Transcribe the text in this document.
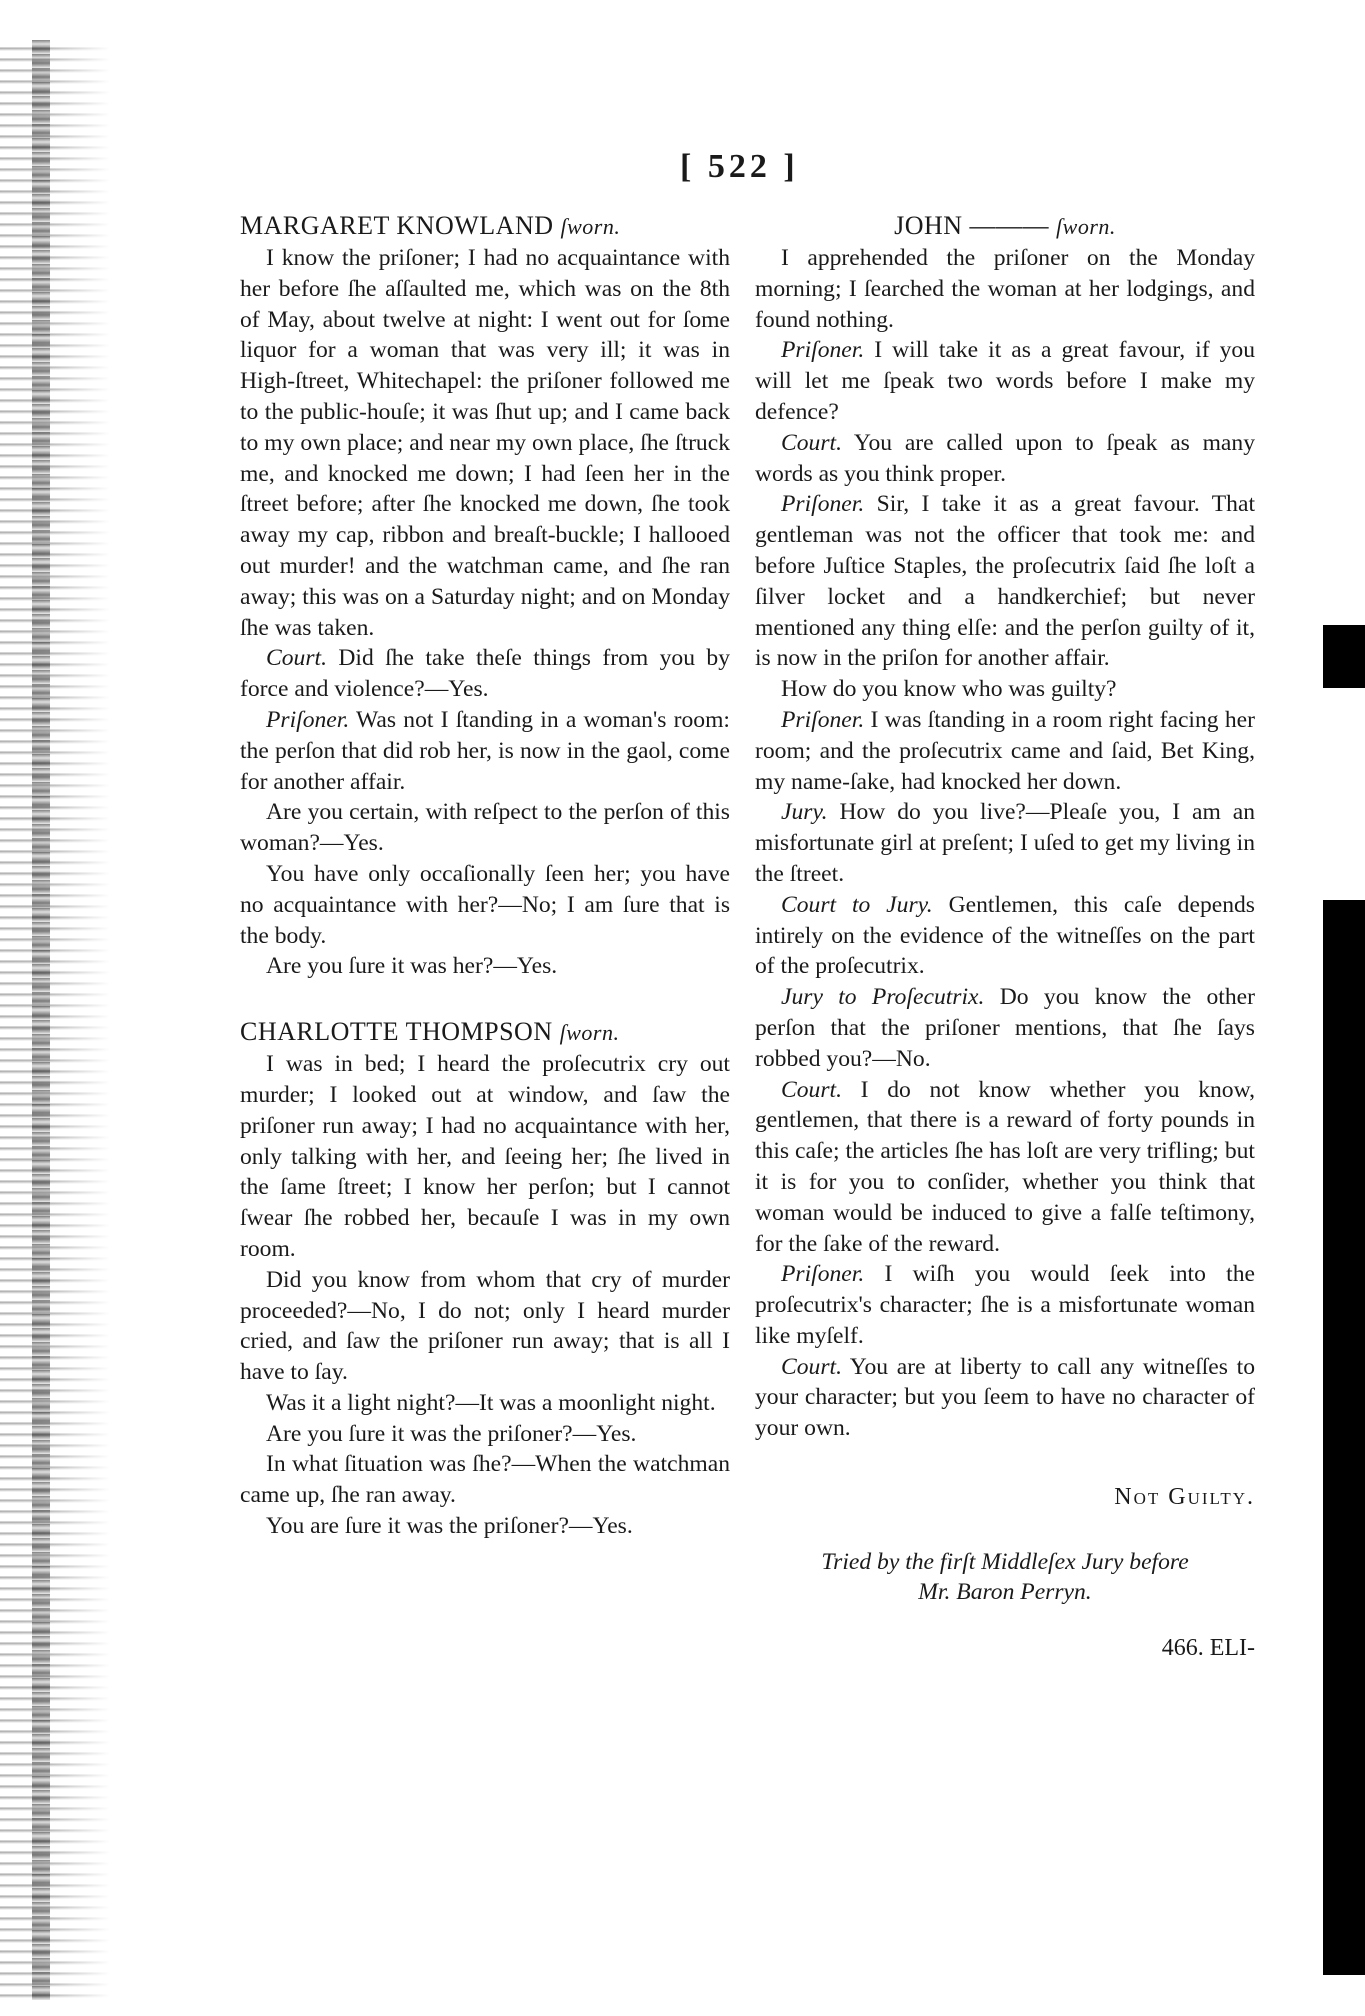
[ 522 ]
MARGARET KNOWLAND ſworn.

I know the priſoner; I had no acquaintance with her before ſhe aſſaulted me, which was on the 8th of May, about twelve at night: I went out for ſome liquor for a woman that was very ill; it was in High-ſtreet, Whitechapel: the priſoner followed me to the public-houſe; it was ſhut up; and I came back to my own place; and near my own place, ſhe ſtruck me, and knocked me down; I had ſeen her in the ſtreet before; after ſhe knocked me down, ſhe took away my cap, ribbon and breaſt-buckle; I hallooed out murder! and the watchman came, and ſhe ran away; this was on a Saturday night; and on Monday ſhe was taken.

Court. Did ſhe take theſe things from you by force and violence?—Yes.

Priſoner. Was not I ſtanding in a woman's room: the perſon that did rob her, is now in the gaol, come for another affair.

Are you certain, with reſpect to the perſon of this woman?—Yes.

You have only occaſionally ſeen her; you have no acquaintance with her?—No; I am ſure that is the body.

Are you ſure it was her?—Yes.

CHARLOTTE THOMPSON ſworn.

I was in bed; I heard the proſecutrix cry out murder; I looked out at window, and ſaw the priſoner run away; I had no acquaintance with her, only talking with her, and ſeeing her; ſhe lived in the ſame ſtreet; I know her perſon; but I cannot ſwear ſhe robbed her, becauſe I was in my own room.

Did you know from whom that cry of murder proceeded?—No, I do not; only I heard murder cried, and ſaw the priſoner run away; that is all I have to ſay.

Was it a light night?—It was a moonlight night.

Are you ſure it was the priſoner?—Yes.

In what ſituation was ſhe?—When the watchman came up, ſhe ran away.

You are ſure it was the priſoner?—Yes.

JOHN ——— ſworn.

I apprehended the priſoner on the Monday morning; I ſearched the woman at her lodgings, and found nothing.

Priſoner. I will take it as a great favour, if you will let me ſpeak two words before I make my defence?

Court. You are called upon to ſpeak as many words as you think proper.

Priſoner. Sir, I take it as a great favour. That gentleman was not the officer that took me: and before Juſtice Staples, the proſecutrix ſaid ſhe loſt a ſilver locket and a handkerchief; but never mentioned any thing elſe: and the perſon guilty of it, is now in the priſon for another affair.

How do you know who was guilty?

Priſoner. I was ſtanding in a room right facing her room; and the proſecutrix came and ſaid, Bet King, my name-ſake, had knocked her down.

Jury. How do you live?—Pleaſe you, I am an misfortunate girl at preſent; I uſed to get my living in the ſtreet.

Court to Jury. Gentlemen, this caſe depends intirely on the evidence of the witneſſes on the part of the proſecutrix.

Jury to Proſecutrix. Do you know the other perſon that the priſoner mentions, that ſhe ſays robbed you?—No.

Court. I do not know whether you know, gentlemen, that there is a reward of forty pounds in this caſe; the articles ſhe has loſt are very trifling; but it is for you to conſider, whether you think that woman would be induced to give a falſe teſtimony, for the ſake of the reward.

Priſoner. I wiſh you would ſeek into the proſecutrix's character; ſhe is a misfortunate woman like myſelf.

Court. You are at liberty to call any witneſſes to your character; but you ſeem to have no character of your own.

Not Guilty.

Tried by the firſt Middleſex Jury before
Mr. Baron Perryn.

466. ELI-
